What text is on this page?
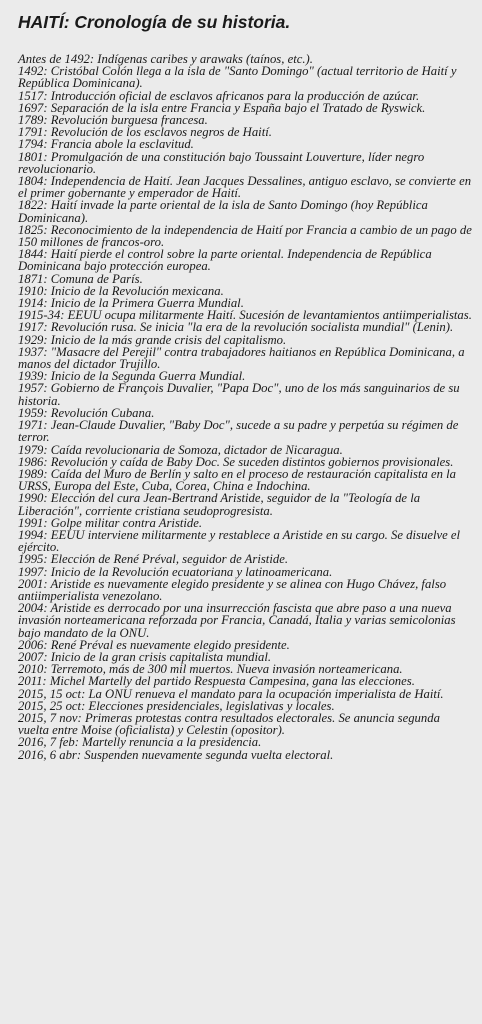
HAITÍ: Cronología de su historia.
Antes de 1492: Indígenas caribes y arawaks (taínos, etc.).
1492: Cristóbal Colón llega a la isla de "Santo Domingo" (actual territorio de Haití y República Dominicana).
1517: Introducción oficial de esclavos africanos para la producción de azúcar.
1697: Separación de la isla entre Francia y España bajo el Tratado de Ryswick.
1789: Revolución burguesa francesa.
1791: Revolución de los esclavos negros de Haití.
1794: Francia abole la esclavitud.
1801: Promulgación de una constitución bajo Toussaint Louverture, líder negro revolucionario.
1804: Independencia de Haití. Jean Jacques Dessalines, antiguo esclavo, se convierte en el primer gobernante y emperador de Haití.
1822: Haití invade la parte oriental de la isla de Santo Domingo (hoy República Dominicana).
1825: Reconocimiento de la independencia de Haití por Francia a cambio de un pago de 150 millones de francos-oro.
1844: Haití pierde el control sobre la parte oriental. Independencia de República Dominicana bajo protección europea.
1871: Comuna de París.
1910: Inicio de la Revolución mexicana.
1914: Inicio de la Primera Guerra Mundial.
1915-34: EEUU ocupa militarmente Haití. Sucesión de levantamientos antiimperialistas.
1917: Revolución rusa. Se inicia "la era de la revolución socialista mundial" (Lenin).
1929: Inicio de la más grande crisis del capitalismo.
1937: "Masacre del Perejil" contra trabajadores haitianos en República Dominicana, a manos del dictador Trujillo.
1939: Inicio de la Segunda Guerra Mundial.
1957: Gobierno de François Duvalier, "Papa Doc", uno de los más sanguinarios de su historia.
1959: Revolución Cubana.
1971: Jean-Claude Duvalier, "Baby Doc", sucede a su padre y perpetúa su régimen de terror.
1979: Caída revolucionaria de Somoza, dictador de Nicaragua.
1986: Revolución y caída de Baby Doc. Se suceden distintos gobiernos provisionales.
1989: Caída del Muro de Berlín y salto en el proceso de restauración capitalista en la URSS, Europa del Este, Cuba, Corea, China e Indochina.
1990: Elección del cura Jean-Bertrand Aristide, seguidor de la "Teología de la Liberación", corriente cristiana seudoprogresista.
1991: Golpe militar contra Aristide.
1994: EEUU interviene militarmente y restablece a Aristide en su cargo. Se disuelve el ejército.
1995: Elección de René Préval, seguidor de Aristide.
1997: Inicio de la Revolución ecuatoriana y latinoamericana.
2001: Aristide es nuevamente elegido presidente y se alinea con Hugo Chávez, falso antiimperialista venezolano.
2004: Aristide es derrocado por una insurrección fascista que abre paso a una nueva invasión norteamericana reforzada por Francia, Canadá, Italia y varias semicolonias bajo mandato de la ONU.
2006: René Préval es nuevamente elegido presidente.
2007: Inicio de la gran crisis capitalista mundial.
2010: Terremoto, más de 300 mil muertos. Nueva invasión norteamericana.
2011: Michel Martelly del partido Respuesta Campesina, gana las elecciones.
2015, 15 oct: La ONU renueva el mandato para la ocupación imperialista de Haití.
2015, 25 oct: Elecciones presidenciales, legislativas y locales.
2015, 7 nov: Primeras protestas contra resultados electorales. Se anuncia segunda vuelta entre Moise (oficialista) y Celestin (opositor).
2016, 7 feb: Martelly renuncia a la presidencia.
2016, 6 abr: Suspenden nuevamente segunda vuelta electoral.
